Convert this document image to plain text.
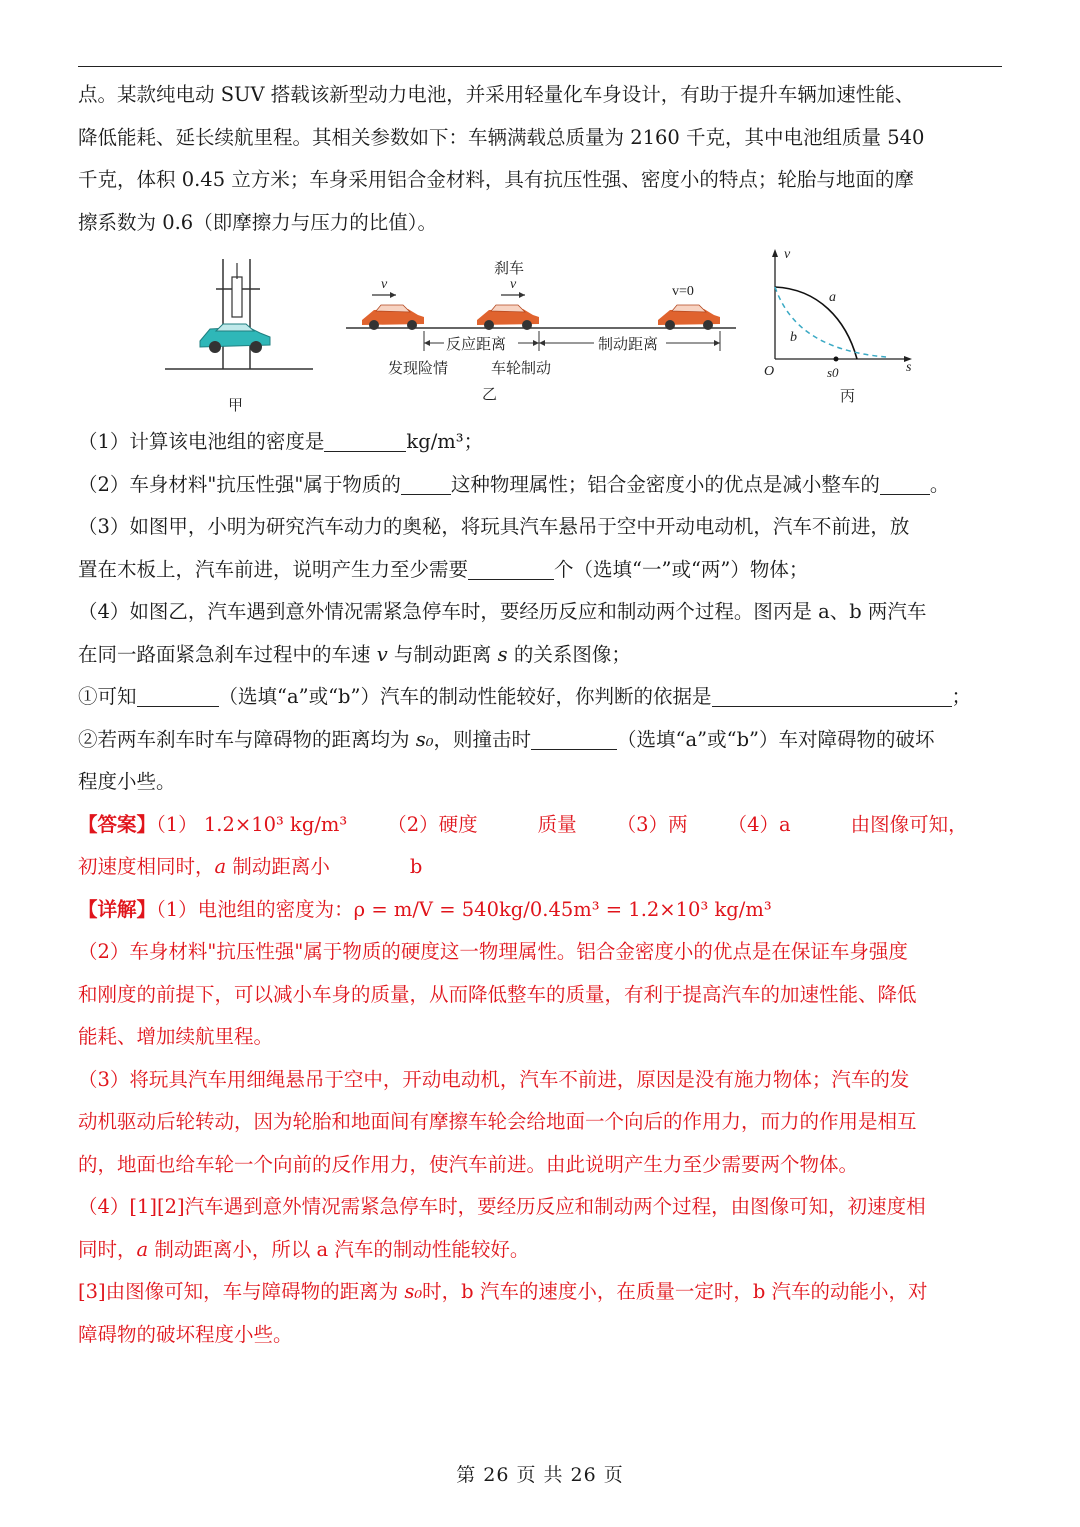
点。某款纯电动 SUV 搭载该新型动力电池，并采用轻量化车身设计，有助于提升车辆加速性能、

降低能耗、延长续航里程。其相关参数如下：车辆满载总质量为 2160 千克，其中电池组质量 540

千克，体积 0.45 立方米；车身采用铝合金材料，具有抗压性强、密度小的特点；轮胎与地面的摩

擦系数为 0.6（即摩擦力与压力的比值）。

甲
v	v
刹车
v=0
反应距离	制动距离
发现险情	车轮制动
乙
v
s
O	s0
a
b
丙

（1）计算该电池组的密度是	kg/m³；

（2）车身材料"抗压性强"属于物质的	这种物理属性；铝合金密度小的优点是减小整车的	。

（3）如图甲，小明为研究汽车动力的奥秘，将玩具汽车悬吊于空中开动电动机，汽车不前进，放

置在木板上，汽车前进，说明产生力至少需要	个（选填“一”或“两”）物体；

（4）如图乙，汽车遇到意外情况需紧急停车时，要经历反应和制动两个过程。图丙是 a、b 两汽车

在同一路面紧急刹车过程中的车速 v 与制动距离 s 的关系图像；

①可知	（选填“a”或“b”）汽车的制动性能较好，你判断的依据是	；

②若两车刹车时车与障碍物的距离均为 s₀，则撞击时	（选填“a”或“b”）车对障碍物的破坏

程度小些。

【答案】（1） 1.2×10³ kg/m³ （2）硬度	质量 （3）两 （4）a	由图像可知，

初速度相同时，a 制动距离小	b

【详解】（1）电池组的密度为：ρ = m/V = 540kg/0.45m³ = 1.2×10³ kg/m³

（2）车身材料"抗压性强"属于物质的硬度这一物理属性。铝合金密度小的优点是在保证车身强度

和刚度的前提下，可以减小车身的质量，从而降低整车的质量，有利于提高汽车的加速性能、降低

能耗、增加续航里程。

（3）将玩具汽车用细绳悬吊于空中，开动电动机，汽车不前进，原因是没有施力物体；汽车的发

动机驱动后轮转动，因为轮胎和地面间有摩擦车轮会给地面一个向后的作用力，而力的作用是相互

的，地面也给车轮一个向前的反作用力，使汽车前进。由此说明产生力至少需要两个物体。

（4）[1][2]汽车遇到意外情况需紧急停车时，要经历反应和制动两个过程，由图像可知，初速度相

同时，a 制动距离小，所以 a 汽车的制动性能较好。

[3]由图像可知，车与障碍物的距离为 s₀时，b 汽车的速度小，在质量一定时，b 汽车的动能小，对

障碍物的破坏程度小些。

第 26 页 共 26 页
